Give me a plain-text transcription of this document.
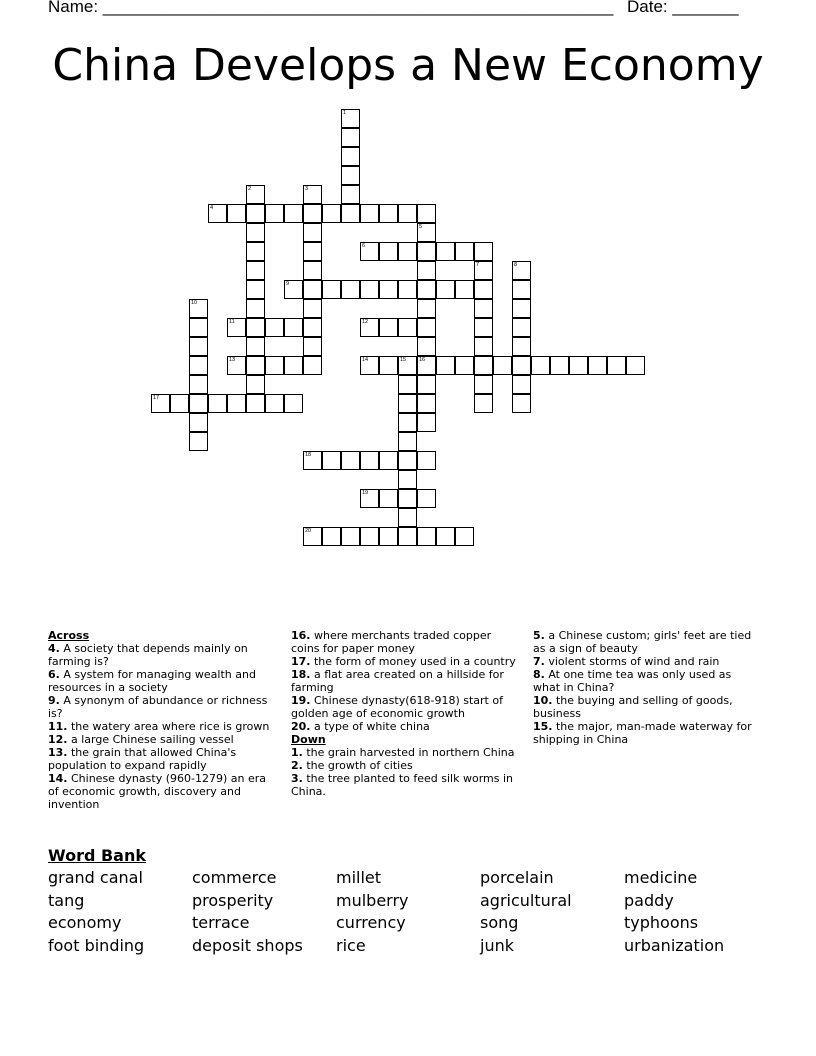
Name: ______________________________________________________ Date: _______
China Develops a New Economy
1
2	3
4
5
16
6
7	8
9
10
11	12
13	14	15
17
18
19
20

Across

4. A society that depends mainly on farming is?

6. A system for managing wealth and resources in a society

9. A synonym of abundance or richness is?

11. the watery area where rice is grown

12. a large Chinese sailing vessel

13. the grain that allowed China's population to expand rapidly

14. Chinese dynasty (960-1279) an era of economic growth, discovery and invention

16. where merchants traded copper coins for paper money

17. the form of money used in a country

18. a flat area created on a hillside for farming

19. Chinese dynasty(618-918) start of golden age of economic growth

20. a type of white china

Down

1. the grain harvested in northern China

2. the growth of cities

3. the tree planted to feed silk worms in China.

5. a Chinese custom; girls' feet are tied as a sign of beauty

7. violent storms of wind and rain

8. At one time tea was only used as what in China?

10. the buying and selling of goods, business

15. the major, man-made waterway for shipping in China

Word Bank
grand canal
tang
economy
foot binding
commerce
prosperity
terrace
deposit shops
millet
mulberry
currency
rice
porcelain
agricultural
song
junk
medicine
paddy
typhoons
urbanization
